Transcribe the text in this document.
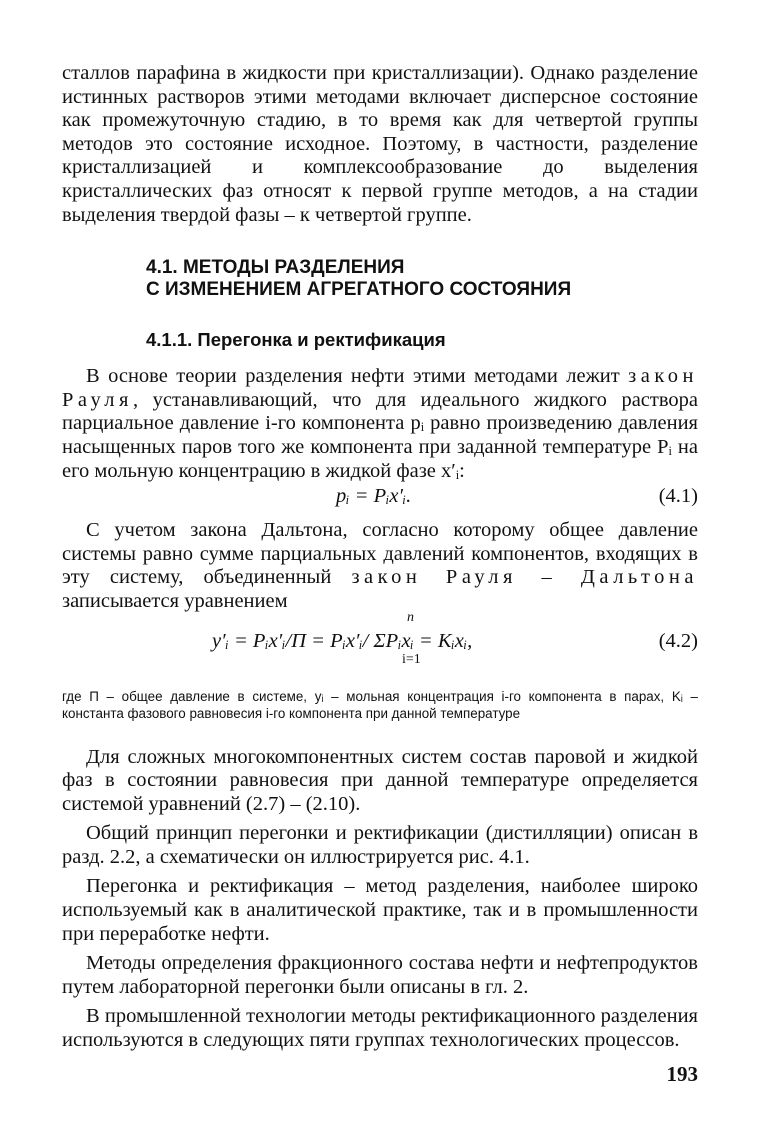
сталлов парафина в жидкости при кристаллизации). Однако разделение истинных растворов этими методами включает дисперсное состояние как промежуточную стадию, в то время как для четвертой группы методов это состояние исходное. Поэтому, в частности, разделение кристаллизацией и комплексообразование до выделения кристаллических фаз относят к первой группе методов, а на стадии выделения твердой фазы – к четвертой группе.

4.1. МЕТОДЫ РАЗДЕЛЕНИЯ

С ИЗМЕНЕНИЕМ АГРЕГАТНОГО СОСТОЯНИЯ

4.1.1. Перегонка и ректификация

В основе теории разделения нефти этими методами лежит закон Рауля, устанавливающий, что для идеального жидкого раствора парциальное давление i-го компонента pᵢ равно произведению давления насыщенных паров того же компонента при заданной температуре Pᵢ на его мольную концентрацию в жидкой фазе x′ᵢ:

pᵢ = Pᵢx′ᵢ.	(4.1)

С учетом закона Дальтона, согласно которому общее давление системы равно сумме парциальных давлений компонентов, входящих в эту систему, объединенный закон Рауля – Дальтона записывается уравнением

n
y′ᵢ = Pᵢx′ᵢ/Π = Pᵢx′ᵢ/ ΣPᵢxᵢ = Kᵢxᵢ,
i=1
(4.2)

где Π – общее давление в системе, yᵢ – мольная концентрация i-го компонента в парах, Kᵢ – константа фазового равновесия i-го компонента при данной температуре

Для сложных многокомпонентных систем состав паровой и жидкой фаз в состоянии равновесия при данной температуре определяется системой уравнений (2.7) – (2.10).

Общий принцип перегонки и ректификации (дистилляции) описан в разд. 2.2, а схематически он иллюстрируется рис. 4.1.

Перегонка и ректификация – метод разделения, наиболее широко используемый как в аналитической практике, так и в промышленности при переработке нефти.

Методы определения фракционного состава нефти и нефтепродуктов путем лабораторной перегонки были описаны в гл. 2.

В промышленной технологии методы ректификационного разделения используются в следующих пяти группах технологических процессов.

193
